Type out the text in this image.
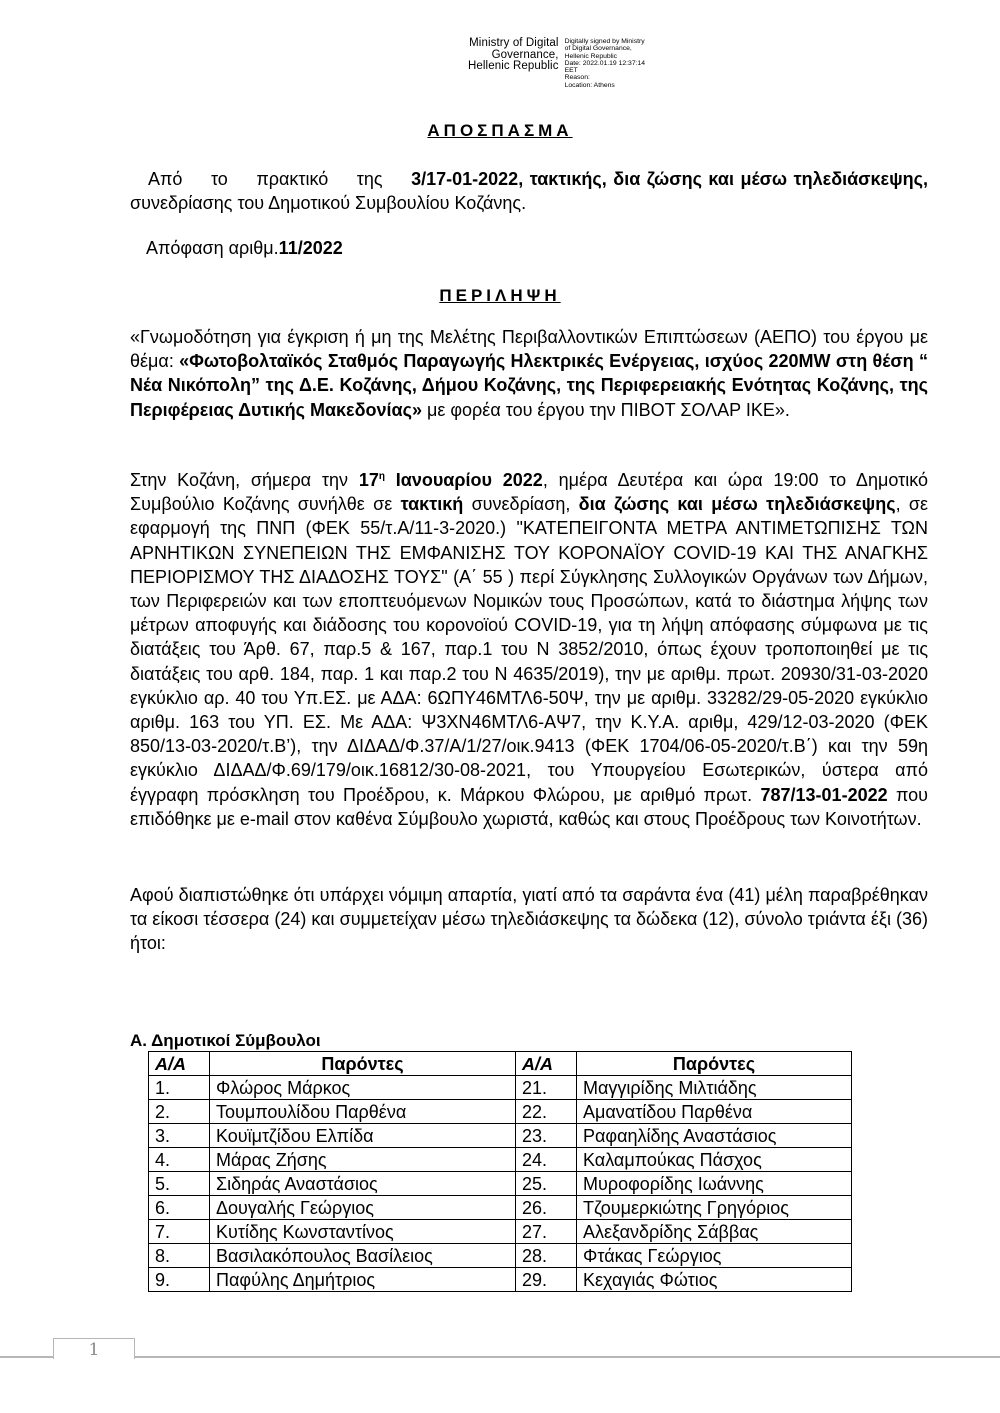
Ministry of Digital
Governance,
Hellenic Republic
Digitally signed by Ministry
of Digital Governance,
Hellenic Republic
Date: 2022.01.19 12:37:14
EET
Reason:
Location: Athens
ΑΠΟΣΠΑΣΜΑ
Από το πρακτικό της 3/17-01-2022, τακτικής, δια ζώσης και μέσω τηλεδιάσκεψης, συνεδρίασης του Δημοτικού Συμβουλίου Κοζάνης.
Απόφαση αριθμ.11/2022
ΠΕΡΙΛΗΨΗ
«Γνωμοδότηση για έγκριση ή μη της Μελέτης Περιβαλλοντικών Επιπτώσεων (ΑΕΠΟ) του έργου με θέμα: «Φωτοβολταϊκός Σταθμός Παραγωγής Ηλεκτρικές Ενέργειας, ισχύος 220MW στη θέση “ Νέα Νικόπολη” της Δ.Ε. Κοζάνης, Δήμου Κοζάνης, της Περιφερειακής Ενότητας Κοζάνης, της Περιφέρειας Δυτικής Μακεδονίας» με φορέα του έργου την ΠΙΒΟΤ ΣΟΛΑΡ ΙΚΕ».
Στην Κοζάνη, σήμερα την $17^\eta$ Ιανουαρίου 2022, ημέρα Δευτέρα και ώρα 19:00 το Δημοτικό Συμβούλιο Κοζάνης συνήλθε σε τακτική συνεδρίαση, δια ζώσης και μέσω τηλεδιάσκεψης, σε εφαρμογή της ΠΝΠ (ΦΕΚ 55/τ.Α/11-3-2020.) "ΚΑΤΕΠΕΙΓΟΝΤΑ ΜΕΤΡΑ ΑΝΤΙΜΕΤΩΠΙΣΗΣ ΤΩΝ ΑΡΝΗΤΙΚΩΝ ΣΥΝΕΠΕΙΩΝ ΤΗΣ ΕΜΦΑΝΙΣΗΣ ΤΟΥ ΚΟΡΟΝΑΪΟΥ COVID-19 ΚΑΙ ΤΗΣ ΑΝΑΓΚΗΣ ΠΕΡΙΟΡΙΣΜΟΥ ΤΗΣ ΔΙΑΔΟΣΗΣ ΤΟΥΣ" (Α΄ 55 ) περί Σύγκλησης Συλλογικών Οργάνων των Δήμων, των Περιφερειών και των εποπτευόμενων Νομικών τους Προσώπων, κατά το διάστημα λήψης των μέτρων αποφυγής και διάδοσης του κορονοϊού COVID-19, για τη λήψη απόφασης σύμφωνα με τις διατάξεις του Άρθ. 67, παρ.5 & 167, παρ.1 του Ν 3852/2010, όπως έχουν τροποποιηθεί με τις διατάξεις του αρθ. 184, παρ. 1 και παρ.2 του Ν 4635/2019), την με αριθμ. πρωτ. 20930/31-03-2020 εγκύκλιο αρ. 40 του Υπ.ΕΣ. με ΑΔΑ: 6ΩΠΥ46ΜΤΛ6-50Ψ, την με αριθμ. 33282/29-05-2020 εγκύκλιο αριθμ. 163 του ΥΠ. ΕΣ. Με ΑΔΑ: Ψ3ΧΝ46ΜΤΛ6-ΑΨ7, την Κ.Υ.Α. αριθμ, 429/12-03-2020 (ΦΕΚ 850/13-03-2020/τ.Β’), την ΔΙΔΑΔ/Φ.37/Α/1/27/οικ.9413 (ΦΕΚ 1704/06-05-2020/τ.Β΄) και την 59η εγκύκλιο ΔΙΔΑΔ/Φ.69/179/οικ.16812/30-08-2021, του Υπουργείου Εσωτερικών, ύστερα από έγγραφη πρόσκληση του Προέδρου, κ. Μάρκου Φλώρου, με αριθμό πρωτ. 787/13-01-2022 που επιδόθηκε με e-mail στον καθένα Σύμβουλο χωριστά, καθώς και στους Προέδρους των Κοινοτήτων.
Αφού διαπιστώθηκε ότι υπάρχει νόμιμη απαρτία, γιατί από τα σαράντα ένα (41) μέλη παραβρέθηκαν τα είκοσι τέσσερα (24) και συμμετείχαν μέσω τηλεδιάσκεψης τα δώδεκα (12), σύνολο τριάντα έξι (36) ήτοι:
Α. Δημοτικοί Σύμβουλοι
Α/Α	Παρόντες	Α/Α	Παρόντες
1.	Φλώρος Μάρκος	21.	Μαγγιρίδης Μιλτιάδης
2.	Τουμπουλίδου Παρθένα	22.	Αμανατίδου Παρθένα
3.	Κουϊμτζίδου Ελπίδα	23.	Ραφαηλίδης Αναστάσιος
4.	Μάρας Ζήσης	24.	Καλαμπούκας Πάσχος
5.	Σιδηράς Αναστάσιος	25.	Μυροφορίδης Ιωάννης
6.	Δουγαλής Γεώργιος	26.	Τζουμερκιώτης Γρηγόριος
7.	Κυτίδης Κωνσταντίνος	27.	Αλεξανδρίδης Σάββας
8.	Βασιλακόπουλος Βασίλειος	28.	Φτάκας Γεώργιος
9.	Παφύλης Δημήτριος	29.	Κεχαγιάς Φώτιος
1
